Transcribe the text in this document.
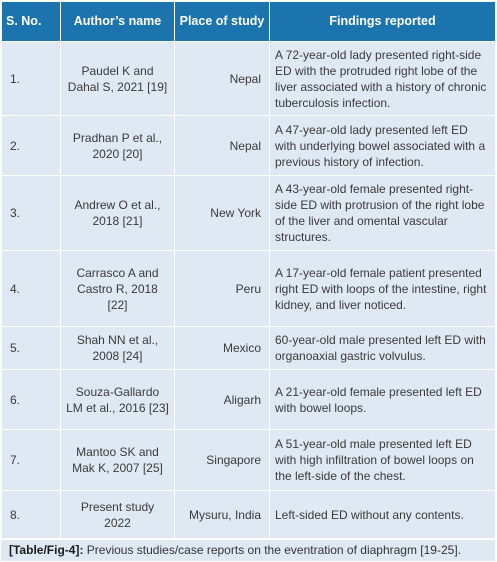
S. No.	Author’s name	Place of study	Findings reported
1.	Paudel K and Dahal S, 2021 [19]	Nepal	A 72-year-old lady presented right-side ED with the protruded right lobe of the liver associated with a history of chronic tuberculosis infection.
2.	Pradhan P et al., 2020 [20]	Nepal	A 47-year-old lady presented left ED with underlying bowel associated with a previous history of infection.
3.	Andrew O et al., 2018 [21]	New York	A 43-year-old female presented right-side ED with protrusion of the right lobe of the liver and omental vascular structures.
4.	Carrasco A and Castro R, 2018 [22]	Peru	A 17-year-old female patient presented right ED with loops of the intestine, right kidney, and liver noticed.
5.	Shah NN et al., 2008 [24]	Mexico	60-year-old male presented left ED with organoaxial gastric volvulus.
6.	Souza-Gallardo LM et al., 2016 [23]	Aligarh	A 21-year-old female presented left ED with bowel loops.
7.	Mantoo SK and Mak K, 2007 [25]	Singapore	A 51-year-old male presented left ED with high infiltration of bowel loops on the left-side of the chest.
8.	Present study 2022	Mysuru, India	Left-sided ED without any contents.
[Table/Fig-4]: Previous studies/case reports on the eventration of diaphragm [19-25].
